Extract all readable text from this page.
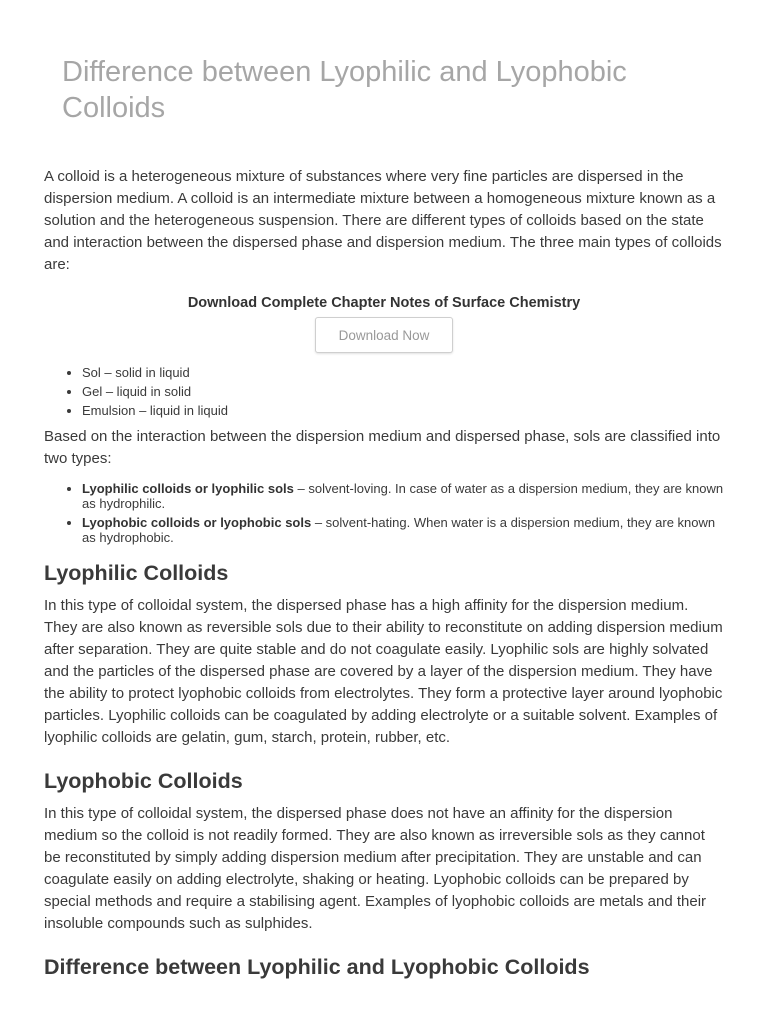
Difference between Lyophilic and Lyophobic Colloids

A colloid is a heterogeneous mixture of substances where very fine particles are dispersed in the dispersion medium. A colloid is an intermediate mixture between a homogeneous mixture known as a solution and the heterogeneous suspension. There are different types of colloids based on the state and interaction between the dispersed phase and dispersion medium. The three main types of colloids are:

Download Complete Chapter Notes of Surface Chemistry
Download Now
• Sol – solid in liquid
• Gel – liquid in solid
• Emulsion – liquid in liquid

Based on the interaction between the dispersion medium and dispersed phase, sols are classified into two types:

• Lyophilic colloids or lyophilic sols – solvent-loving. In case of water as a dispersion medium, they are known as hydrophilic.
• Lyophobic colloids or lyophobic sols – solvent-hating. When water is a dispersion medium, they are known as hydrophobic.
Lyophilic Colloids

In this type of colloidal system, the dispersed phase has a high affinity for the dispersion medium. They are also known as reversible sols due to their ability to reconstitute on adding dispersion medium after separation. They are quite stable and do not coagulate easily. Lyophilic sols are highly solvated and the particles of the dispersed phase are covered by a layer of the dispersion medium. They have the ability to protect lyophobic colloids from electrolytes. They form a protective layer around lyophobic particles. Lyophilic colloids can be coagulated by adding electrolyte or a suitable solvent. Examples of lyophilic colloids are gelatin, gum, starch, protein, rubber, etc.

Lyophobic Colloids

In this type of colloidal system, the dispersed phase does not have an affinity for the dispersion medium so the colloid is not readily formed. They are also known as irreversible sols as they cannot be reconstituted by simply adding dispersion medium after precipitation. They are unstable and can coagulate easily on adding electrolyte, shaking or heating. Lyophobic colloids can be prepared by special methods and require a stabilising agent. Examples of lyophobic colloids are metals and their insoluble compounds such as sulphides.

Difference between Lyophilic and Lyophobic Colloids
